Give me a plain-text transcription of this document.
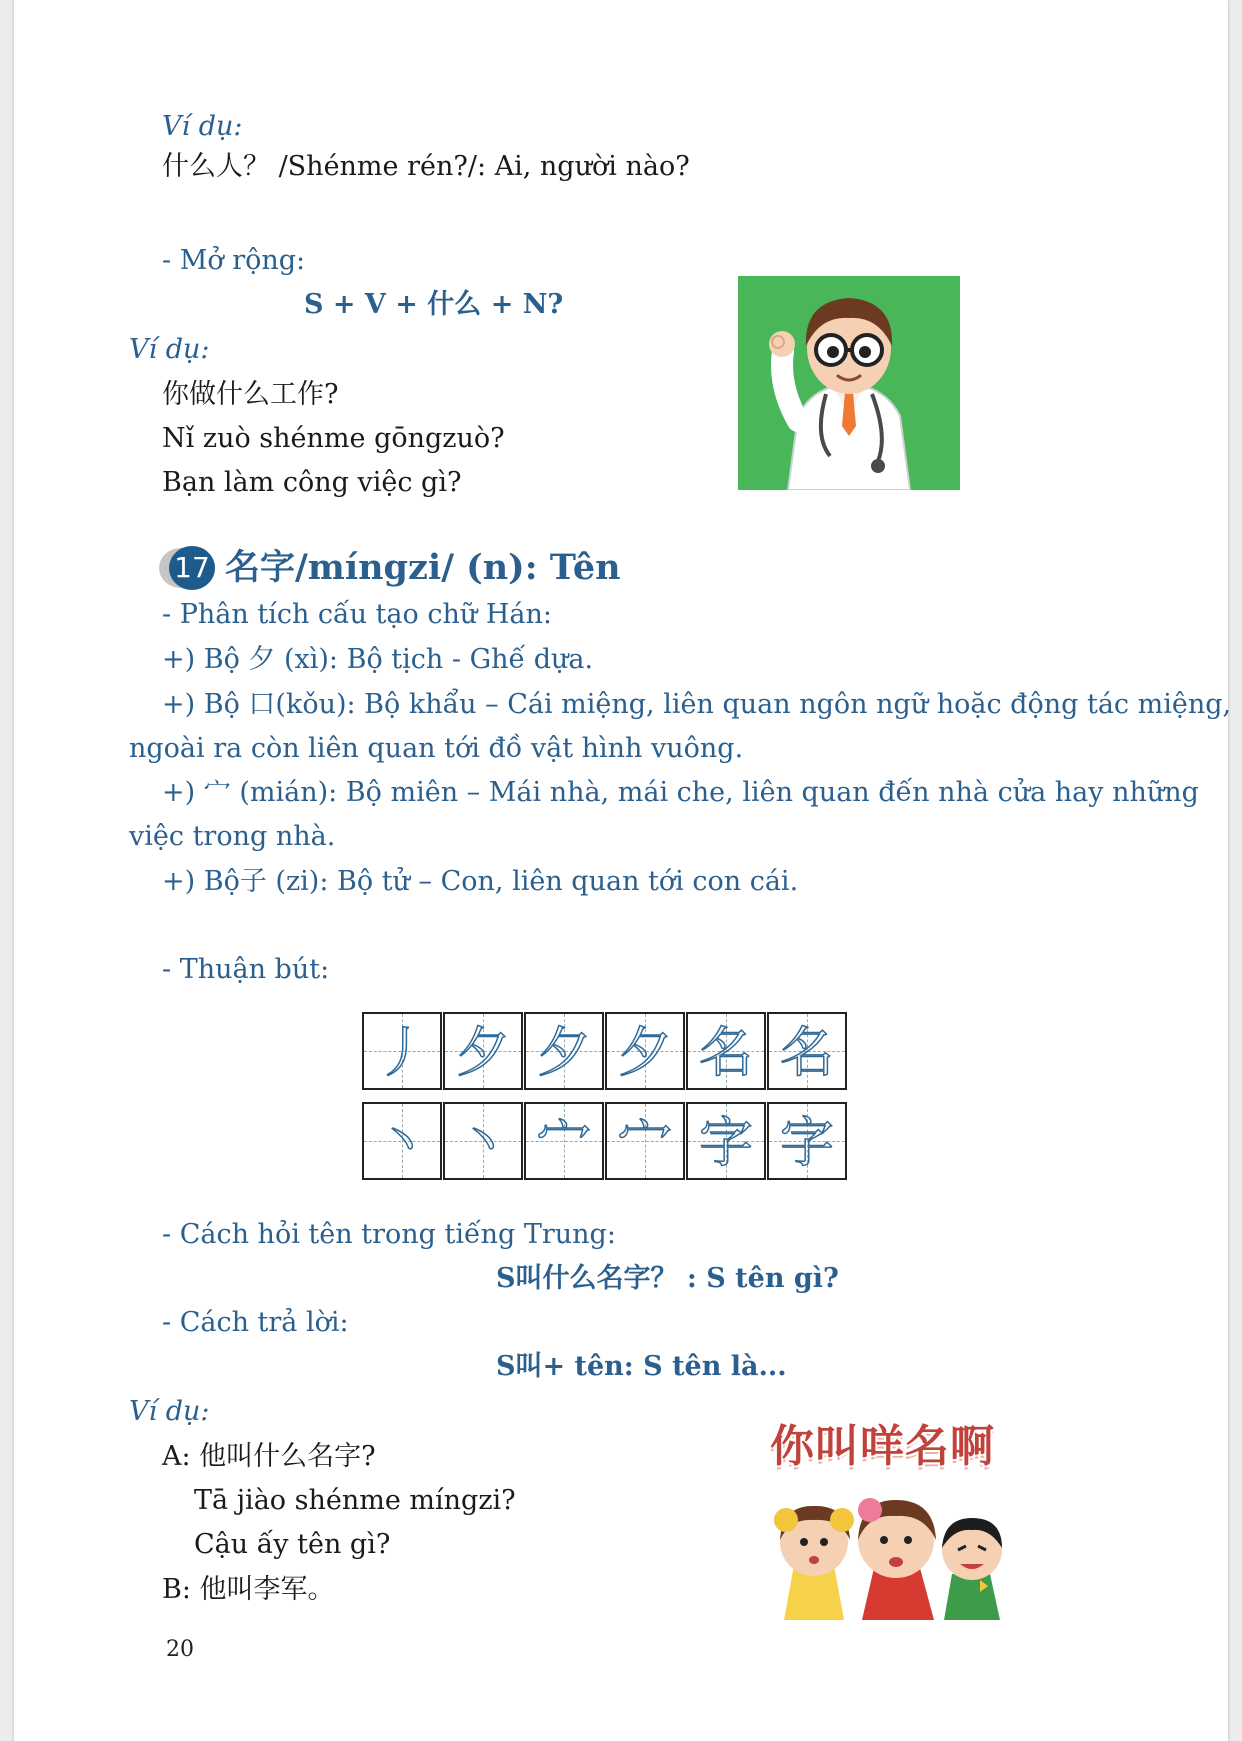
Ví dụ:
什么人？ /Shénme rén?/: Ai, người nào?
- Mở rộng:
S + V + 什么 + N?
Ví dụ:
你做什么工作?
Nǐ zuò shénme gōngzuò?
Bạn làm công việc gì?
17 名字/míngzi/ (n): Tên
- Phân tích cấu tạo chữ Hán:
+) Bộ 夕 (xì): Bộ tịch - Ghế dựa.
+) Bộ 口(kǒu): Bộ khẩu – Cái miệng, liên quan ngôn ngữ hoặc động tác miệng,
ngoài ra còn liên quan tới đồ vật hình vuông.
+) 宀 (mián): Bộ miên – Mái nhà, mái che, liên quan đến nhà cửa hay những
việc trong nhà.
+) Bộ子 (zi): Bộ tử – Con, liên quan tới con cái.
- Thuận bút:
丿 夕 夕 夕 名 名
丶 丶 宀 宀 字 字
- Cách hỏi tên trong tiếng Trung:
S叫什么名字？ : S tên gì?
- Cách trả lời:
S叫+ tên: S tên là...
Ví dụ:
A: 他叫什么名字?
Tā jiào shénme míngzi?
Cậu ấy tên gì?
B: 他叫李军。
你叫咩名啊
20
